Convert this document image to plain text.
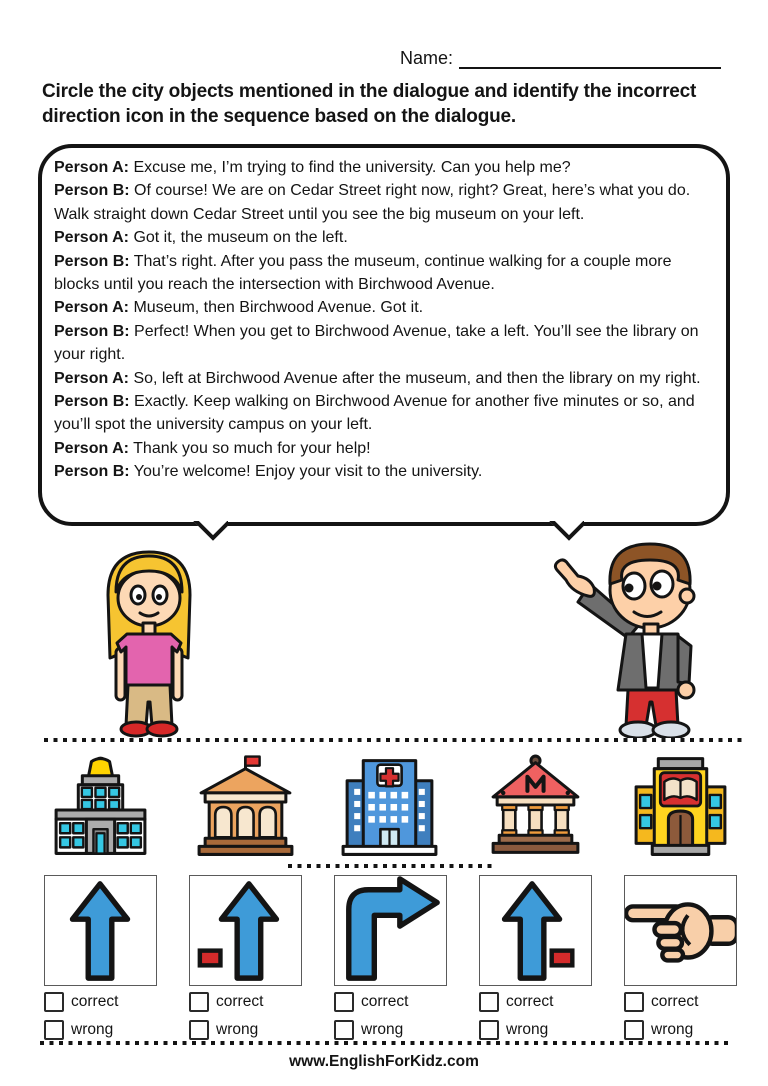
Name:
Circle the city objects mentioned in the dialogue and identify the incorrect direction icon in the sequence based on the dialogue.

Person A: Excuse me, I’m trying to find the university. Can you help me?

Person B: Of course! We are on Cedar Street right now, right? Great, here’s what you do. Walk straight down Cedar Street until you see the big museum on your left.

Person A: Got it, the museum on the left.

Person B: That’s right. After you pass the museum, continue walking for a couple more blocks until you reach the intersection with Birchwood Avenue.

Person A: Museum, then Birchwood Avenue. Got it.

Person B: Perfect! When you get to Birchwood Avenue, take a left. You’ll see the library on your right.

Person A: So, left at Birchwood Avenue after the museum, and then the library on my right.

Person B: Exactly. Keep walking on Birchwood Avenue for another five minutes or so, and you’ll spot the university campus on your left.

Person A: Thank you so much for your help!

Person B: You’re welcome! Enjoy your visit to the university.

correct
wrong
correct
wrong
correct
wrong
correct
wrong
correct
wrong
www.EnglishForKidz.com
